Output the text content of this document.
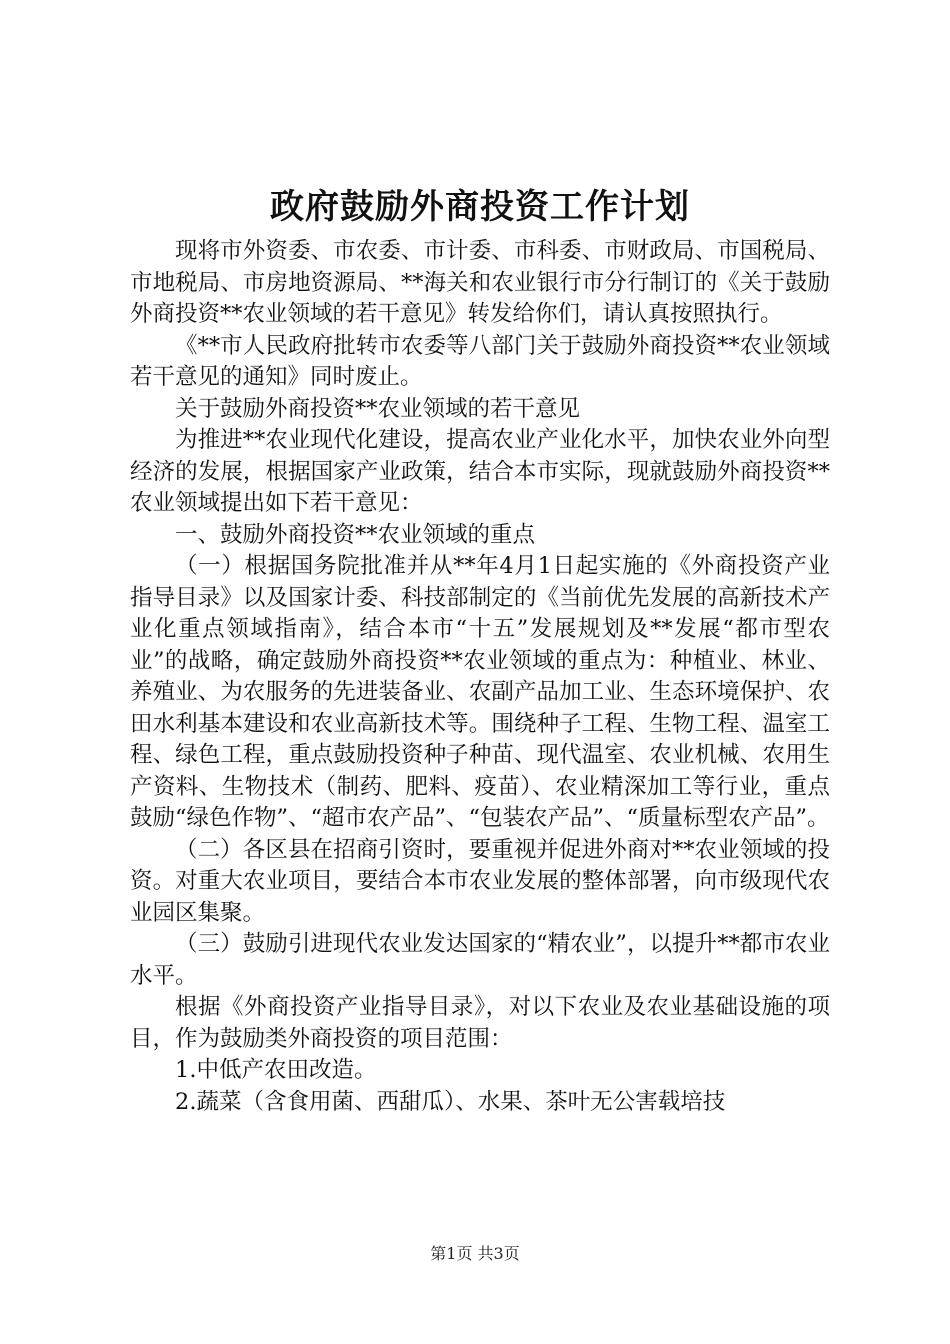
政府鼓励外商投资工作计划

现将市外资委、市农委、市计委、市科委、市财政局、市国税局、市地税局、市房地资源局、**海关和农业银行市分行制订的《关于鼓励外商投资**农业领域的若干意见》转发给你们，请认真按照执行。

《**市人民政府批转市农委等八部门关于鼓励外商投资**农业领域若干意见的通知》同时废止。

关于鼓励外商投资**农业领域的若干意见

为推进**农业现代化建设，提高农业产业化水平，加快农业外向型经济的发展，根据国家产业政策，结合本市实际，现就鼓励外商投资**农业领域提出如下若干意见：

一、鼓励外商投资**农业领域的重点

（一）根据国务院批准并从**年4月1日起实施的《外商投资产业指导目录》以及国家计委、科技部制定的《当前优先发展的高新技术产业化重点领域指南》，结合本市“十五”发展规划及**发展“都市型农业”的战略，确定鼓励外商投资**农业领域的重点为：种植业、林业、养殖业、为农服务的先进装备业、农副产品加工业、生态环境保护、农田水利基本建设和农业高新技术等。围绕种子工程、生物工程、温室工程、绿色工程，重点鼓励投资种子种苗、现代温室、农业机械、农用生产资料、生物技术（制药、肥料、疫苗）、农业精深加工等行业，重点鼓励“绿色作物”、“超市农产品”、“包装农产品”、“质量标型农产品”。

（二）各区县在招商引资时，要重视并促进外商对**农业领域的投资。对重大农业项目，要结合本市农业发展的整体部署，向市级现代农业园区集聚。

（三）鼓励引进现代农业发达国家的“精农业”，以提升**都市农业水平。

根据《外商投资产业指导目录》，对以下农业及农业基础设施的项目，作为鼓励类外商投资的项目范围：

1.中低产农田改造。

2.蔬菜（含食用菌、西甜瓜）、水果、茶叶无公害载培技

第1页 共3页
